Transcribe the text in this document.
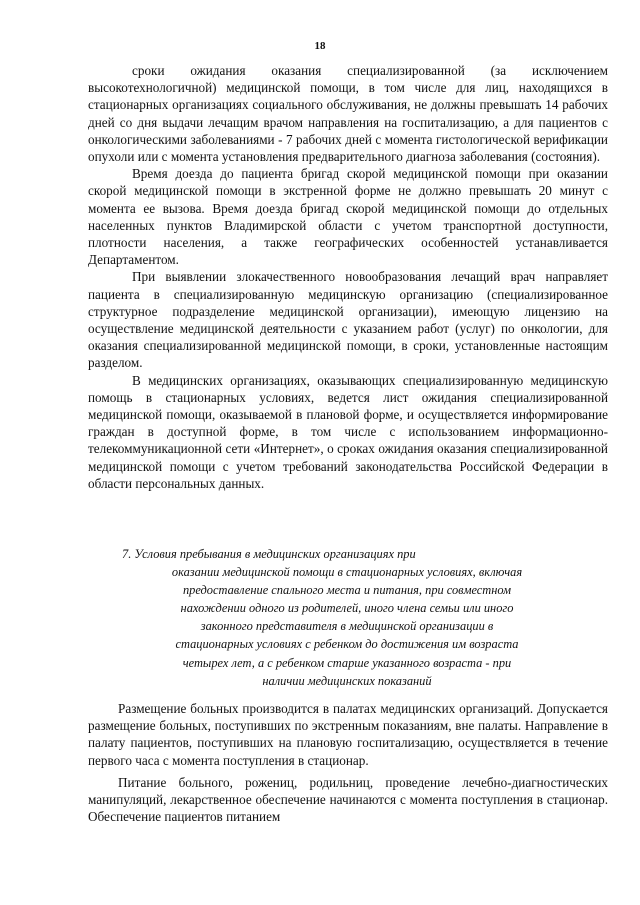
18

сроки ожидания оказания специализированной (за исключением высокотехнологичной) медицинской помощи, в том числе для лиц, находящихся в стационарных организациях социального обслуживания, не должны превышать 14 рабочих дней со дня выдачи лечащим врачом направления на госпитализацию, а для пациентов с онкологическими заболеваниями - 7 рабочих дней с момента гистологической верификации опухоли или с момента установления предварительного диагноза заболевания (состояния).

Время доезда до пациента бригад скорой медицинской помощи при оказании скорой медицинской помощи в экстренной форме не должно превышать 20 минут с момента ее вызова. Время доезда бригад скорой медицинской помощи до отдельных населенных пунктов Владимирской области с учетом транспортной доступности, плотности населения, а также географических особенностей устанавливается Департаментом.

При выявлении злокачественного новообразования лечащий врач направляет пациента в специализированную медицинскую организацию (специализированное структурное подразделение медицинской организации), имеющую лицензию на осуществление медицинской деятельности с указанием работ (услуг) по онкологии, для оказания специализированной медицинской помощи, в сроки, установленные настоящим разделом.

В медицинских организациях, оказывающих специализированную медицинскую помощь в стационарных условиях, ведется лист ожидания специализированной медицинской помощи, оказываемой в плановой форме, и осуществляется информирование граждан в доступной форме, в том числе с использованием информационно-телекоммуникационной сети «Интернет», о сроках ожидания оказания специализированной медицинской помощи с учетом требований законодательства Российской Федерации в области персональных данных.

7. Условия пребывания в медицинских организациях при
оказании медицинской помощи в стационарных условиях, включая
предоставление спального места и питания, при совместном
нахождении одного из родителей, иного члена семьи или иного
законного представителя в медицинской организации в
стационарных условиях с ребенком до достижения им возраста
четырех лет, а с ребенком старше указанного возраста - при
наличии медицинских показаний

Размещение больных производится в палатах медицинских организаций. Допускается размещение больных, поступивших по экстренным показаниям, вне палаты. Направление в палату пациентов, поступивших на плановую госпитализацию, осуществляется в течение первого часа с момента поступления в стационар.

Питание больного, рожениц, родильниц, проведение лечебно-диагностических манипуляций, лекарственное обеспечение начинаются с момента поступления в стационар. Обеспечение пациентов питанием
